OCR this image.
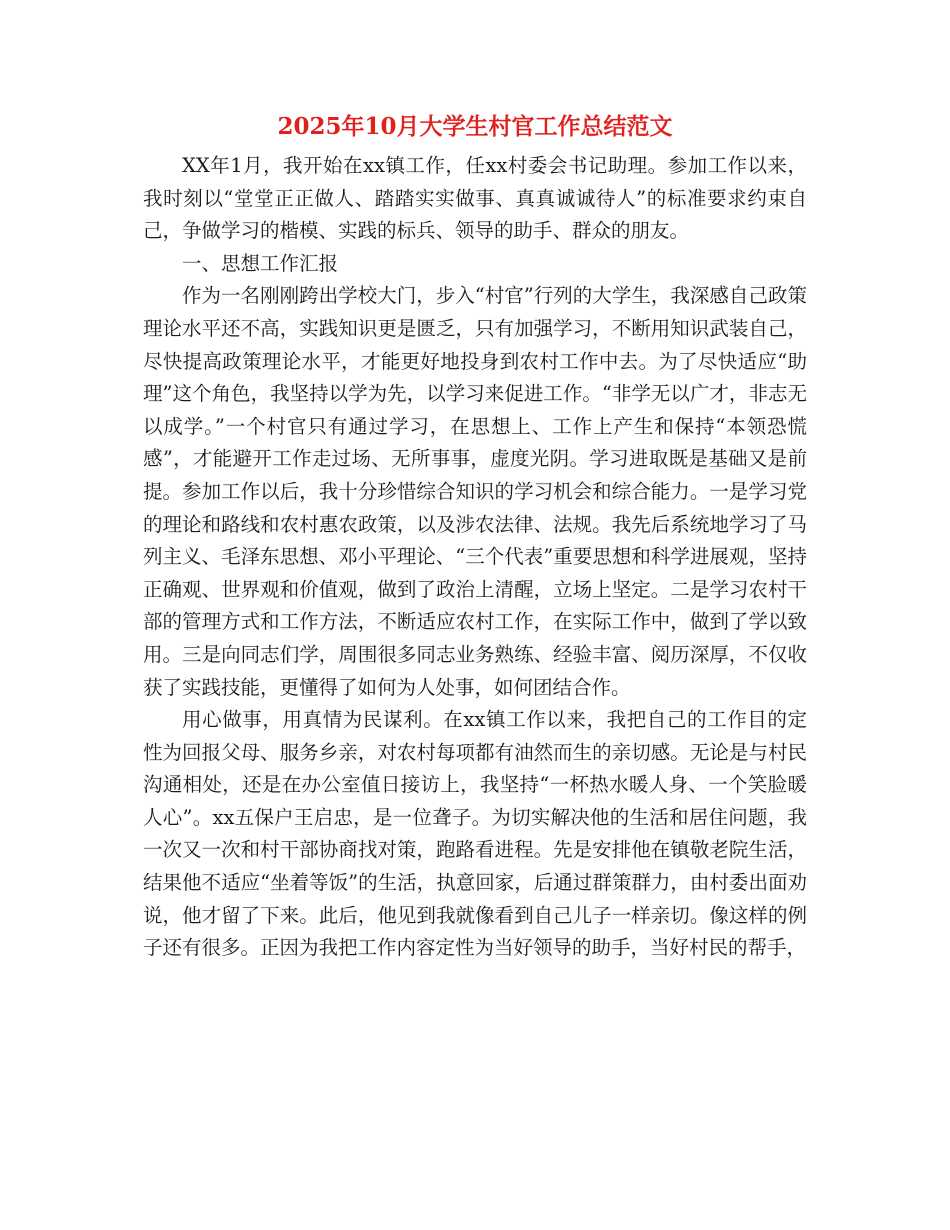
2025年10月大学生村官工作总结范文

XX年1月，我开始在xx镇工作，任xx村委会书记助理。参加工作以来，我时刻以“堂堂正正做人、踏踏实实做事、真真诚诚待人”的标准要求约束自己，争做学习的楷模、实践的标兵、领导的助手、群众的朋友。

一、思想工作汇报

作为一名刚刚跨出学校大门，步入“村官”行列的大学生，我深感自己政策理论水平还不高，实践知识更是匮乏，只有加强学习，不断用知识武装自己，尽快提高政策理论水平，才能更好地投身到农村工作中去。为了尽快适应“助理”这个角色，我坚持以学为先，以学习来促进工作。“非学无以广才，非志无以成学。”一个村官只有通过学习，在思想上、工作上产生和保持“本领恐慌感”，才能避开工作走过场、无所事事，虚度光阴。学习进取既是基础又是前提。参加工作以后，我十分珍惜综合知识的学习机会和综合能力。一是学习党的理论和路线和农村惠农政策，以及涉农法律、法规。我先后系统地学习了马列主义、毛泽东思想、邓小平理论、“三个代表”重要思想和科学进展观，坚持正确观、世界观和价值观，做到了政治上清醒，立场上坚定。二是学习农村干部的管理方式和工作方法，不断适应农村工作，在实际工作中，做到了学以致用。三是向同志们学，周围很多同志业务熟练、经验丰富、阅历深厚，不仅收获了实践技能，更懂得了如何为人处事，如何团结合作。

用心做事，用真情为民谋利。在xx镇工作以来，我把自己的工作目的定性为回报父母、服务乡亲，对农村每项都有油然而生的亲切感。无论是与村民沟通相处，还是在办公室值日接访上，我坚持“一杯热水暖人身、一个笑脸暖人心”。xx五保户王启忠，是一位聋子。为切实解决他的生活和居住问题，我一次又一次和村干部协商找对策，跑路看进程。先是安排他在镇敬老院生活，结果他不适应“坐着等饭”的生活，执意回家，后通过群策群力，由村委出面劝说，他才留了下来。此后，他见到我就像看到自己儿子一样亲切。像这样的例子还有很多。正因为我把工作内容定性为当好领导的助手，当好村民的帮手，
